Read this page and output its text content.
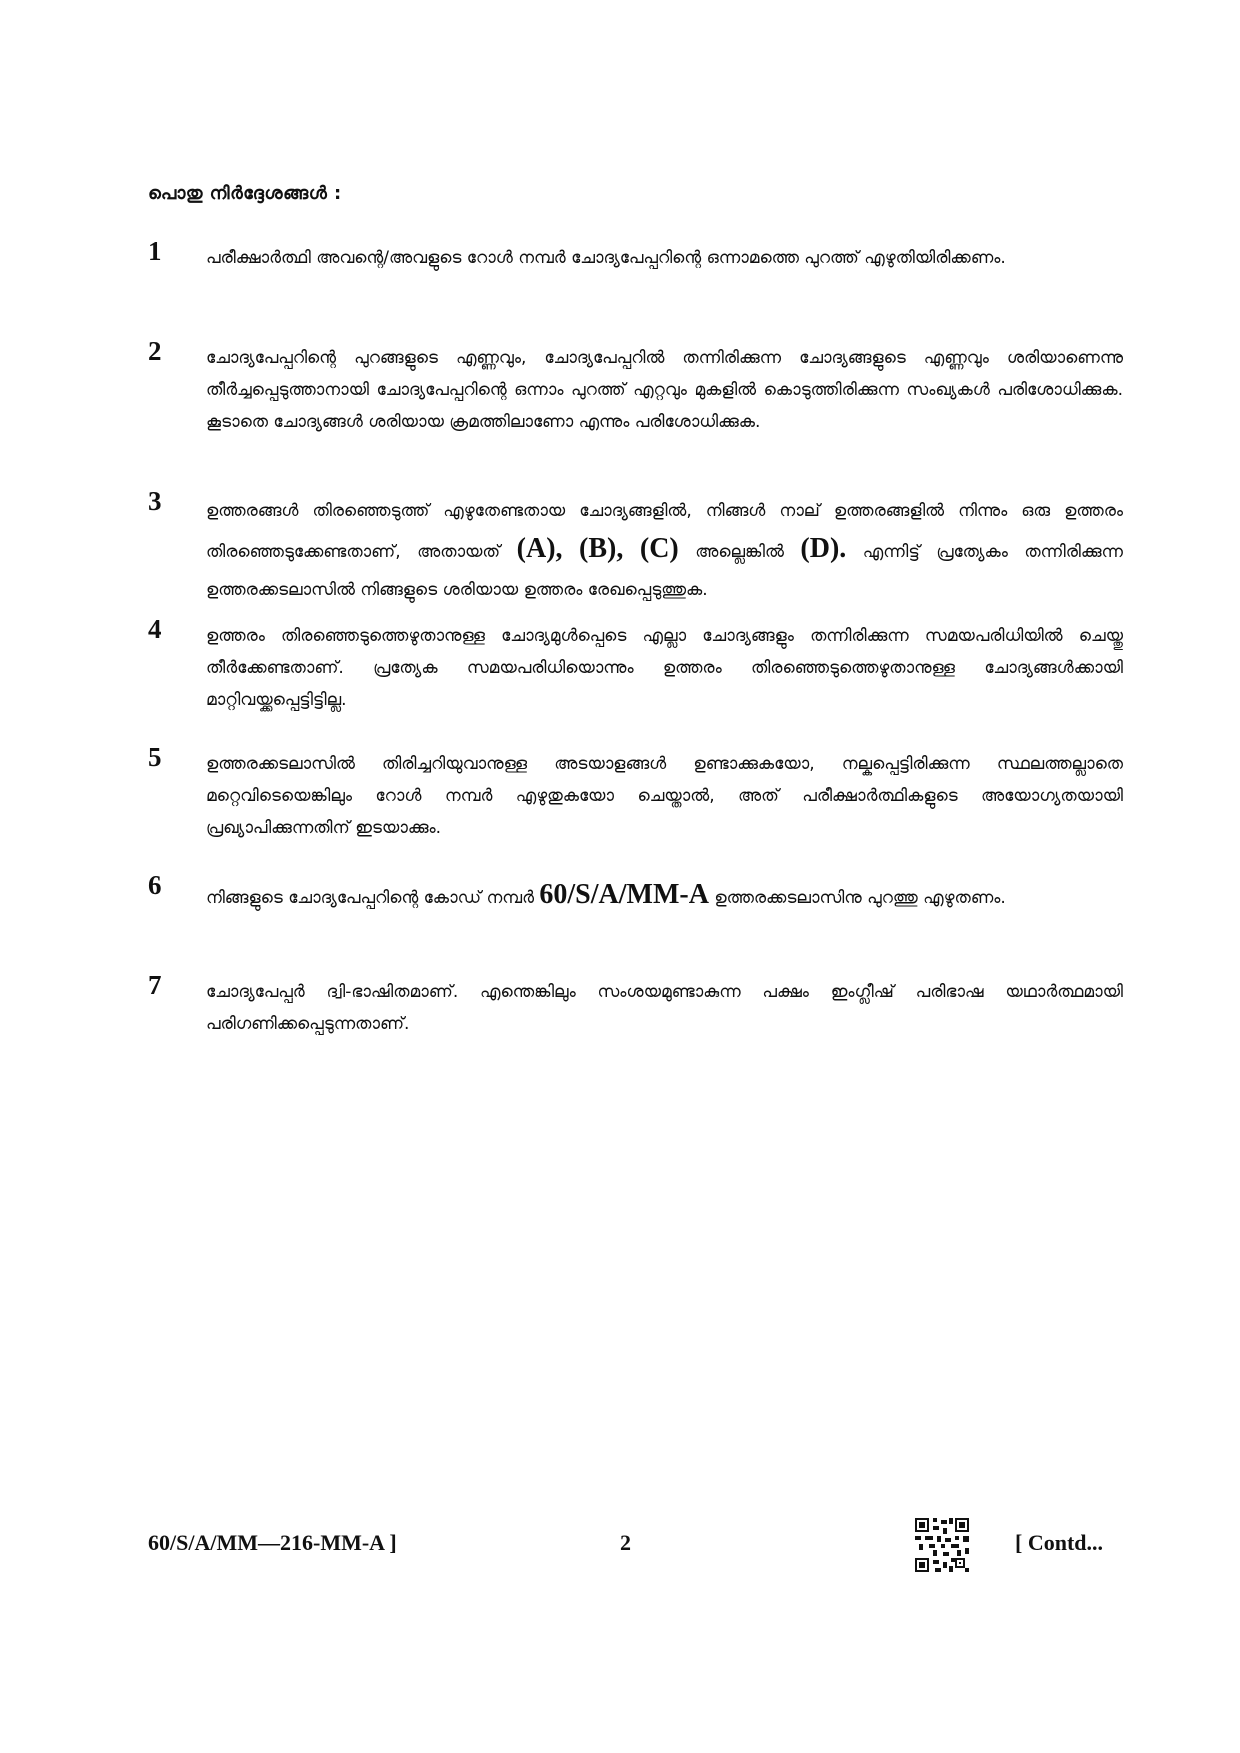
പൊതു നിർദ്ദേശങ്ങൾ :
1	പരീക്ഷാർത്ഥി അവന്റെ/അവളുടെ റോൾ നമ്പർ ചോദ്യപേപ്പറിന്റെ ഒന്നാമത്തെ പുറത്ത് എഴുതിയിരിക്കണം.
2	ചോദ്യപേപ്പറിന്റെ പുറങ്ങളുടെ എണ്ണവും, ചോദ്യപേപ്പറിൽ തന്നിരിക്കുന്ന ചോദ്യങ്ങളുടെ എണ്ണവും ശരിയാണെന്നു തീർച്ചപ്പെടുത്താനായി ചോദ്യപേപ്പറിന്റെ ഒന്നാം പുറത്ത് എറ്റവും മുകളിൽ കൊടുത്തിരിക്കുന്ന സംഖ്യകൾ പരിശോധിക്കുക. കൂടാതെ ചോദ്യങ്ങൾ ശരിയായ ക്രമത്തിലാണോ എന്നും പരിശോധിക്കുക.
3	ഉത്തരങ്ങൾ തിരഞ്ഞെടുത്ത് എഴുതേണ്ടതായ ചോദ്യങ്ങളിൽ, നിങ്ങൾ നാല് ഉത്തരങ്ങളിൽ നിന്നും ഒരു ഉത്തരം തിരഞ്ഞെടുക്കേണ്ടതാണ്, അതായത് (A), (B), (C) അല്ലെങ്കിൽ (D). എന്നിട്ട് പ്രത്യേകം തന്നിരിക്കുന്ന ഉത്തരക്കടലാസിൽ നിങ്ങളുടെ ശരിയായ ഉത്തരം രേഖപ്പെടുത്തുക.
4	ഉത്തരം തിരഞ്ഞെടുത്തെഴുതാനുള്ള ചോദ്യമുൾപ്പെടെ എല്ലാ ചോദ്യങ്ങളും തന്നിരിക്കുന്ന സമയപരിധിയിൽ ചെയ്തു തീർക്കേണ്ടതാണ്. പ്രത്യേക സമയപരിധിയൊന്നും ഉത്തരം തിരഞ്ഞെടുത്തെഴുതാനുള്ള ചോദ്യങ്ങൾക്കായി മാറ്റിവയ്ക്കപ്പെട്ടിട്ടില്ല.
5	ഉത്തരക്കടലാസിൽ തിരിച്ചറിയുവാനുള്ള അടയാളങ്ങൾ ഉണ്ടാക്കുകയോ, നല്കപ്പെട്ടിരിക്കുന്ന സ്ഥലത്തല്ലാതെ മറ്റെവിടെയെങ്കിലും റോൾ നമ്പർ എഴുതുകയോ ചെയ്താൽ, അത് പരീക്ഷാർത്ഥികളുടെ അയോഗ്യതയായി പ്രഖ്യാപിക്കുന്നതിന് ഇടയാക്കും.
6	നിങ്ങളുടെ ചോദ്യപേപ്പറിന്റെ കോഡ് നമ്പർ 60/S/A/MM-A ഉത്തരക്കടലാസിനു പുറത്തു എഴുതണം.
7	ചോദ്യപേപ്പർ ദ്വി-ഭാഷിതമാണ്. എന്തെങ്കിലും സംശയമുണ്ടാകുന്ന പക്ഷം ഇംഗ്ലീഷ് പരിഭാഷ യഥാർത്ഥമായി പരിഗണിക്കപ്പെടുന്നതാണ്.
60/S/A/MM—216-MM-A ]	2	[ Contd...
